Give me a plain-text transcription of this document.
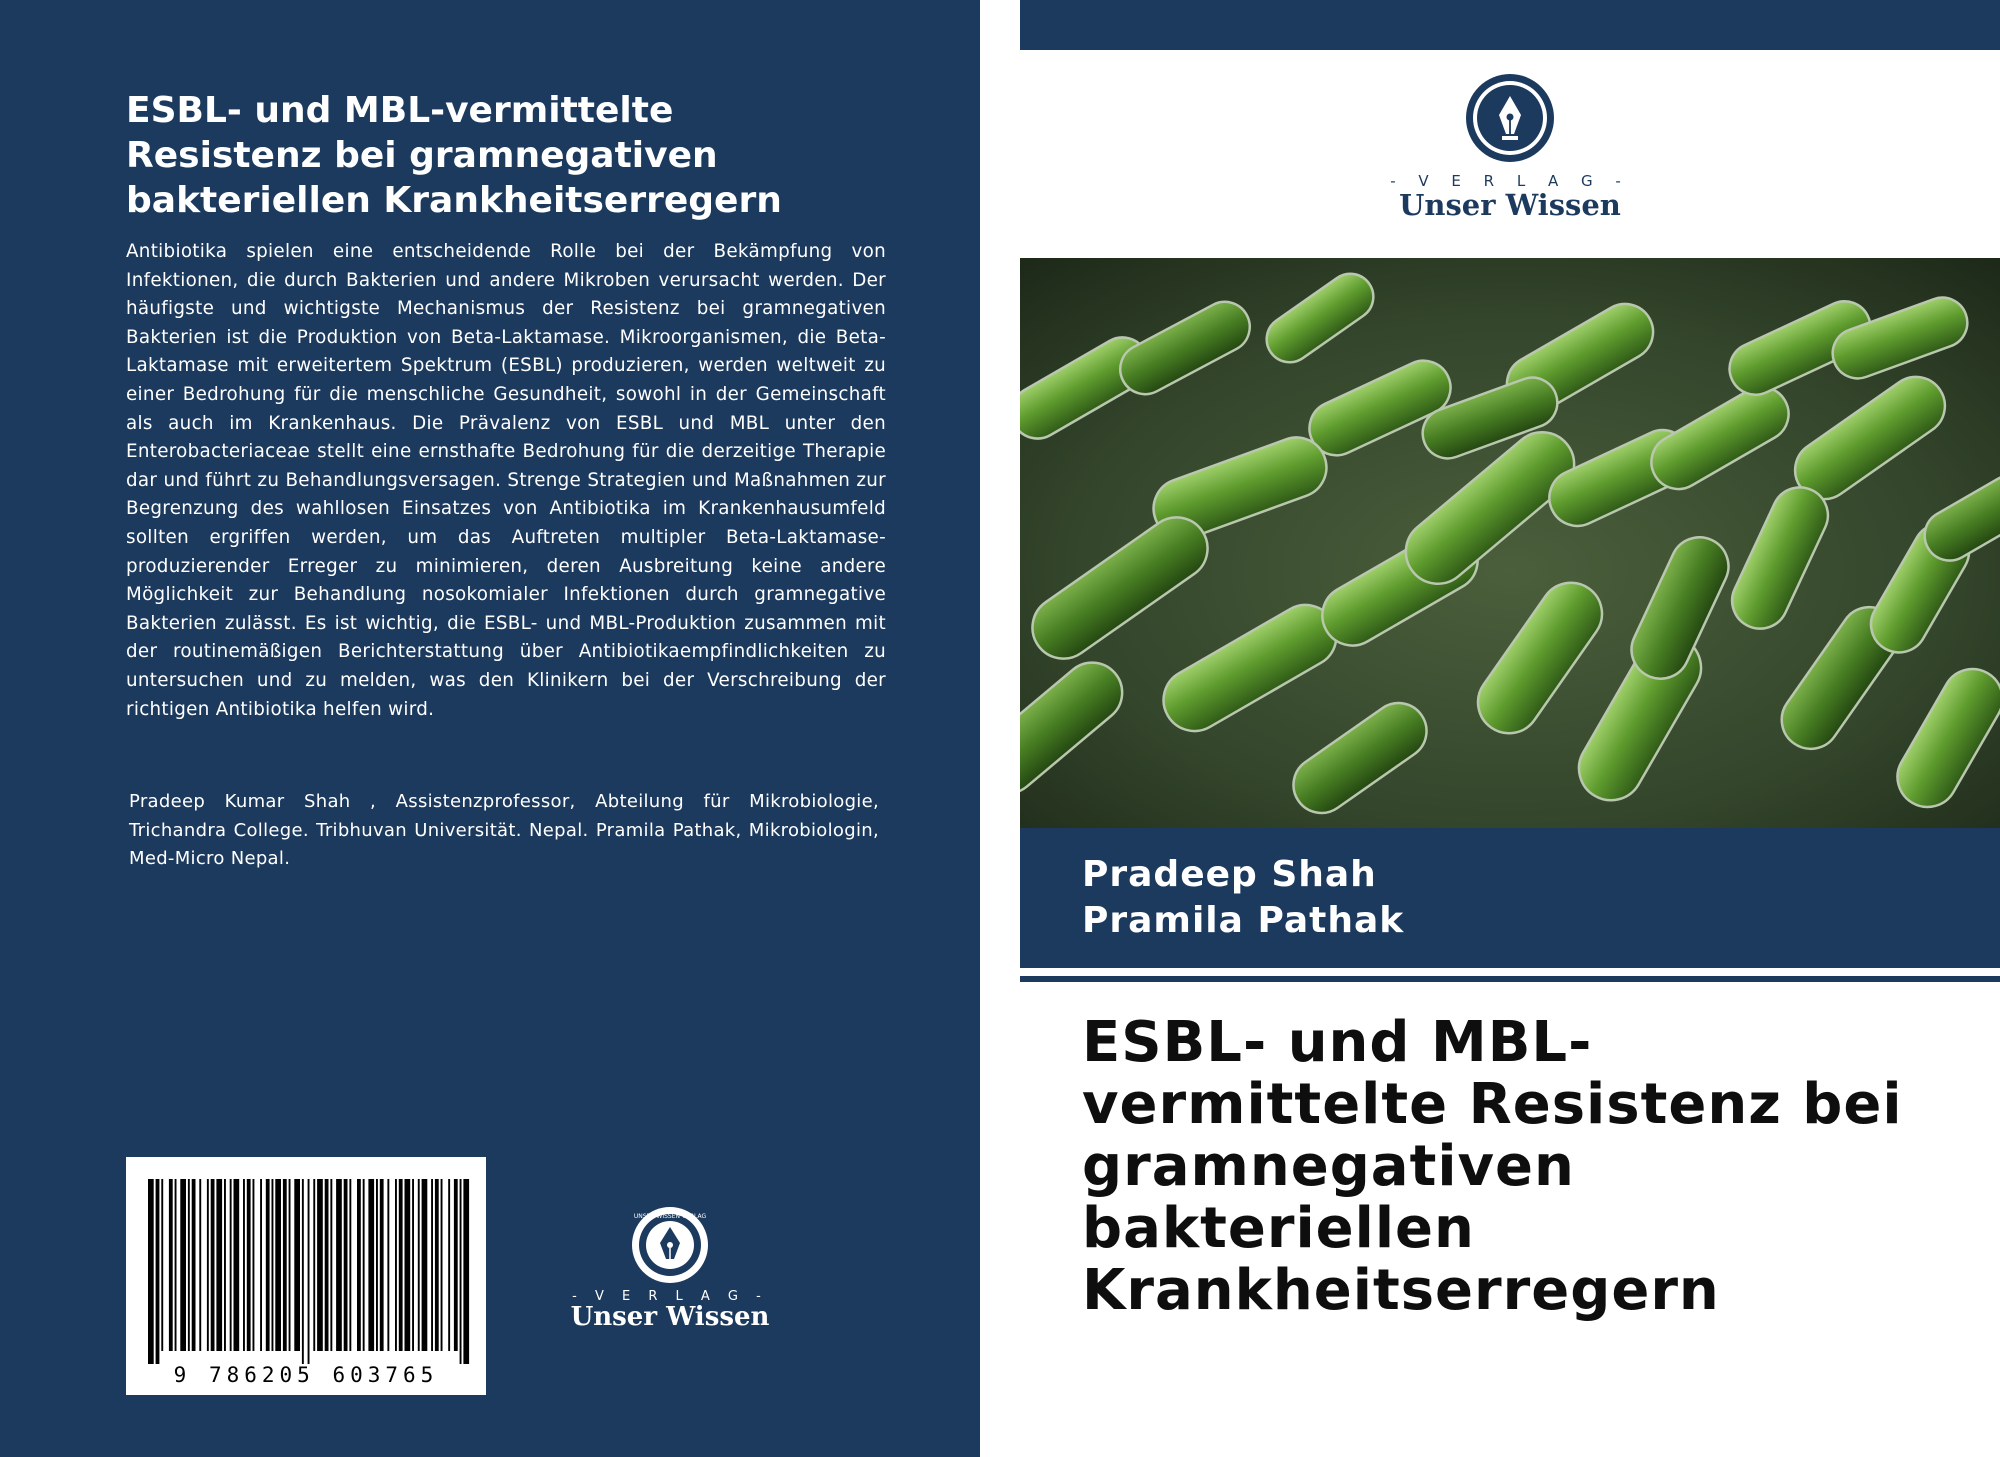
ESBL- und MBL-vermittelte
Resistenz bei gramnegativen
bakteriellen Krankheitserregern
Antibiotika spielen eine entscheidende Rolle bei der Bekämpfung von Infektionen, die durch Bakterien und andere Mikroben verursacht werden. Der häufigste und wichtigste Mechanismus der Resistenz bei gramnegativen Bakterien ist die Produktion von Beta-Laktamase. Mikroorganismen, die Beta-Laktamase mit erweitertem Spektrum (ESBL) produzieren, werden weltweit zu einer Bedrohung für die menschliche Gesundheit, sowohl in der Gemeinschaft als auch im Krankenhaus. Die Prävalenz von ESBL und MBL unter den Enterobacteriaceae stellt eine ernsthafte Bedrohung für die derzeitige Therapie dar und führt zu Behandlungsversagen. Strenge Strategien und Maßnahmen zur Begrenzung des wahllosen Einsatzes von Antibiotika im Krankenhausumfeld sollten ergriffen werden, um das Auftreten multipler Beta-Laktamase-produzierender Erreger zu minimieren, deren Ausbreitung keine andere Möglichkeit zur Behandlung nosokomialer Infektionen durch gramnegative Bakterien zulässt. Es ist wichtig, die ESBL- und MBL-Produktion zusammen mit der routinemäßigen Berichterstattung über Antibiotikaempfindlichkeiten zu untersuchen und zu melden, was den Klinikern bei der Verschreibung der richtigen Antibiotika helfen wird.
Pradeep Kumar Shah , Assistenzprofessor, Abteilung für Mikrobiologie, Trichandra College. Tribhuvan Universität. Nepal. Pramila Pathak, Mikrobiologin, Med-Micro Nepal.
9 786205 603765
UNSER WISSEN VERLAG
- V E R L A G -
Unser Wissen
- V E R L A G -
Unser Wissen
Pradeep Shah
Pramila Pathak
ESBL- und MBL-
vermittelte Resistenz bei
gramnegativen
bakteriellen
Krankheitserregern
